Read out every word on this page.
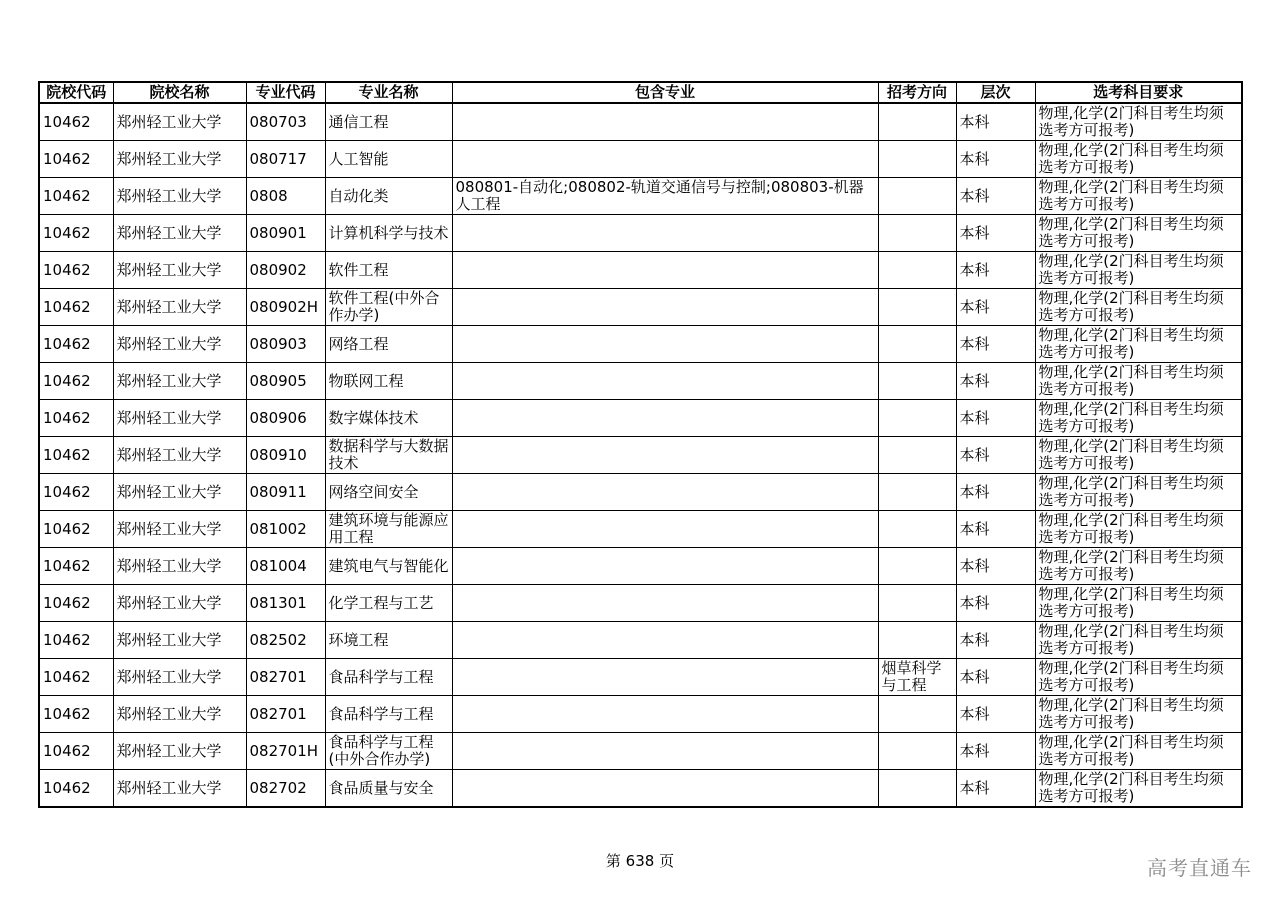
院校代码	院校名称	专业代码	专业名称	包含专业	招考方向	层次	选考科目要求
10462	郑州轻工业大学	080703	通信工程			本科	物理,化学(2门科目考生均须选考方可报考)
10462	郑州轻工业大学	080717	人工智能			本科	物理,化学(2门科目考生均须选考方可报考)
10462	郑州轻工业大学	0808	自动化类	080801-自动化;080802-轨道交通信号与控制;080803-机器人工程		本科	物理,化学(2门科目考生均须选考方可报考)
10462	郑州轻工业大学	080901	计算机科学与技术			本科	物理,化学(2门科目考生均须选考方可报考)
10462	郑州轻工业大学	080902	软件工程			本科	物理,化学(2门科目考生均须选考方可报考)
10462	郑州轻工业大学	080902H	软件工程(中外合作办学)			本科	物理,化学(2门科目考生均须选考方可报考)
10462	郑州轻工业大学	080903	网络工程			本科	物理,化学(2门科目考生均须选考方可报考)
10462	郑州轻工业大学	080905	物联网工程			本科	物理,化学(2门科目考生均须选考方可报考)
10462	郑州轻工业大学	080906	数字媒体技术			本科	物理,化学(2门科目考生均须选考方可报考)
10462	郑州轻工业大学	080910	数据科学与大数据技术			本科	物理,化学(2门科目考生均须选考方可报考)
10462	郑州轻工业大学	080911	网络空间安全			本科	物理,化学(2门科目考生均须选考方可报考)
10462	郑州轻工业大学	081002	建筑环境与能源应用工程			本科	物理,化学(2门科目考生均须选考方可报考)
10462	郑州轻工业大学	081004	建筑电气与智能化			本科	物理,化学(2门科目考生均须选考方可报考)
10462	郑州轻工业大学	081301	化学工程与工艺			本科	物理,化学(2门科目考生均须选考方可报考)
10462	郑州轻工业大学	082502	环境工程			本科	物理,化学(2门科目考生均须选考方可报考)
10462	郑州轻工业大学	082701	食品科学与工程		烟草科学与工程	本科	物理,化学(2门科目考生均须选考方可报考)
10462	郑州轻工业大学	082701	食品科学与工程			本科	物理,化学(2门科目考生均须选考方可报考)
10462	郑州轻工业大学	082701H	食品科学与工程(中外合作办学)			本科	物理,化学(2门科目考生均须选考方可报考)
10462	郑州轻工业大学	082702	食品质量与安全			本科	物理,化学(2门科目考生均须选考方可报考)
第 638 页	高考直通车
